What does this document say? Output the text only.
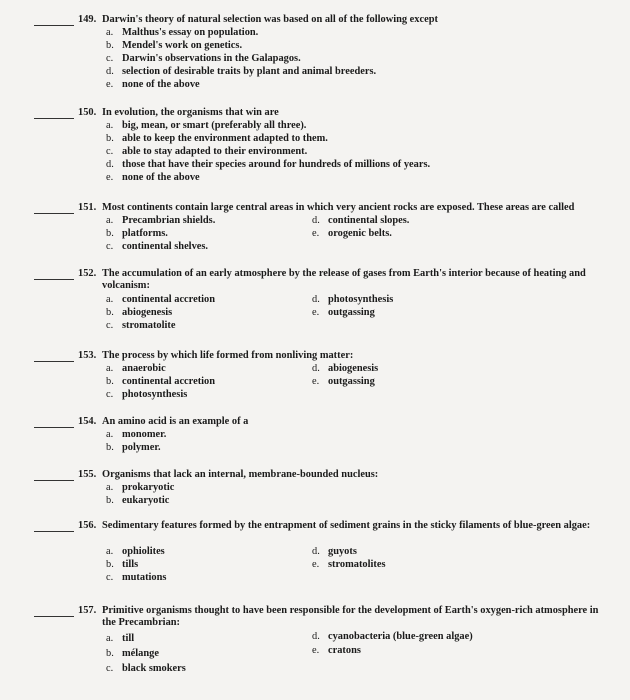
149. Darwin's theory of natural selection was based on all of the following except
a. Malthus's essay on population.
b. Mendel's work on genetics.
c. Darwin's observations in the Galapagos.
d. selection of desirable traits by plant and animal breeders.
e. none of the above
150. In evolution, the organisms that win are
a. big, mean, or smart (preferably all three).
b. able to keep the environment adapted to them.
c. able to stay adapted to their environment.
d. those that have their species around for hundreds of millions of years.
e. none of the above
151. Most continents contain large central areas in which very ancient rocks are exposed. These areas are called
a. Precambrian shields.
b. platforms.
c. continental shelves.
d. continental slopes.
e. orogenic belts.
152. The accumulation of an early atmosphere by the release of gases from Earth's interior because of heating and volcanism:
a. continental accretion
b. abiogenesis
c. stromatolite
d. photosynthesis
e. outgassing
153. The process by which life formed from nonliving matter:
a. anaerobic
b. continental accretion
c. photosynthesis
d. abiogenesis
e. outgassing
154. An amino acid is an example of a
a. monomer.
b. polymer.
155. Organisms that lack an internal, membrane-bounded nucleus:
a. prokaryotic
b. eukaryotic
156. Sedimentary features formed by the entrapment of sediment grains in the sticky filaments of blue-green algae:
a. ophiolites
b. tills
c. mutations
d. guyots
e. stromatolites
157. Primitive organisms thought to have been responsible for the development of Earth's oxygen-rich atmosphere in the Precambrian:
a. till
b. mélange
c. black smokers
d. cyanobacteria (blue-green algae)
e. cratons
